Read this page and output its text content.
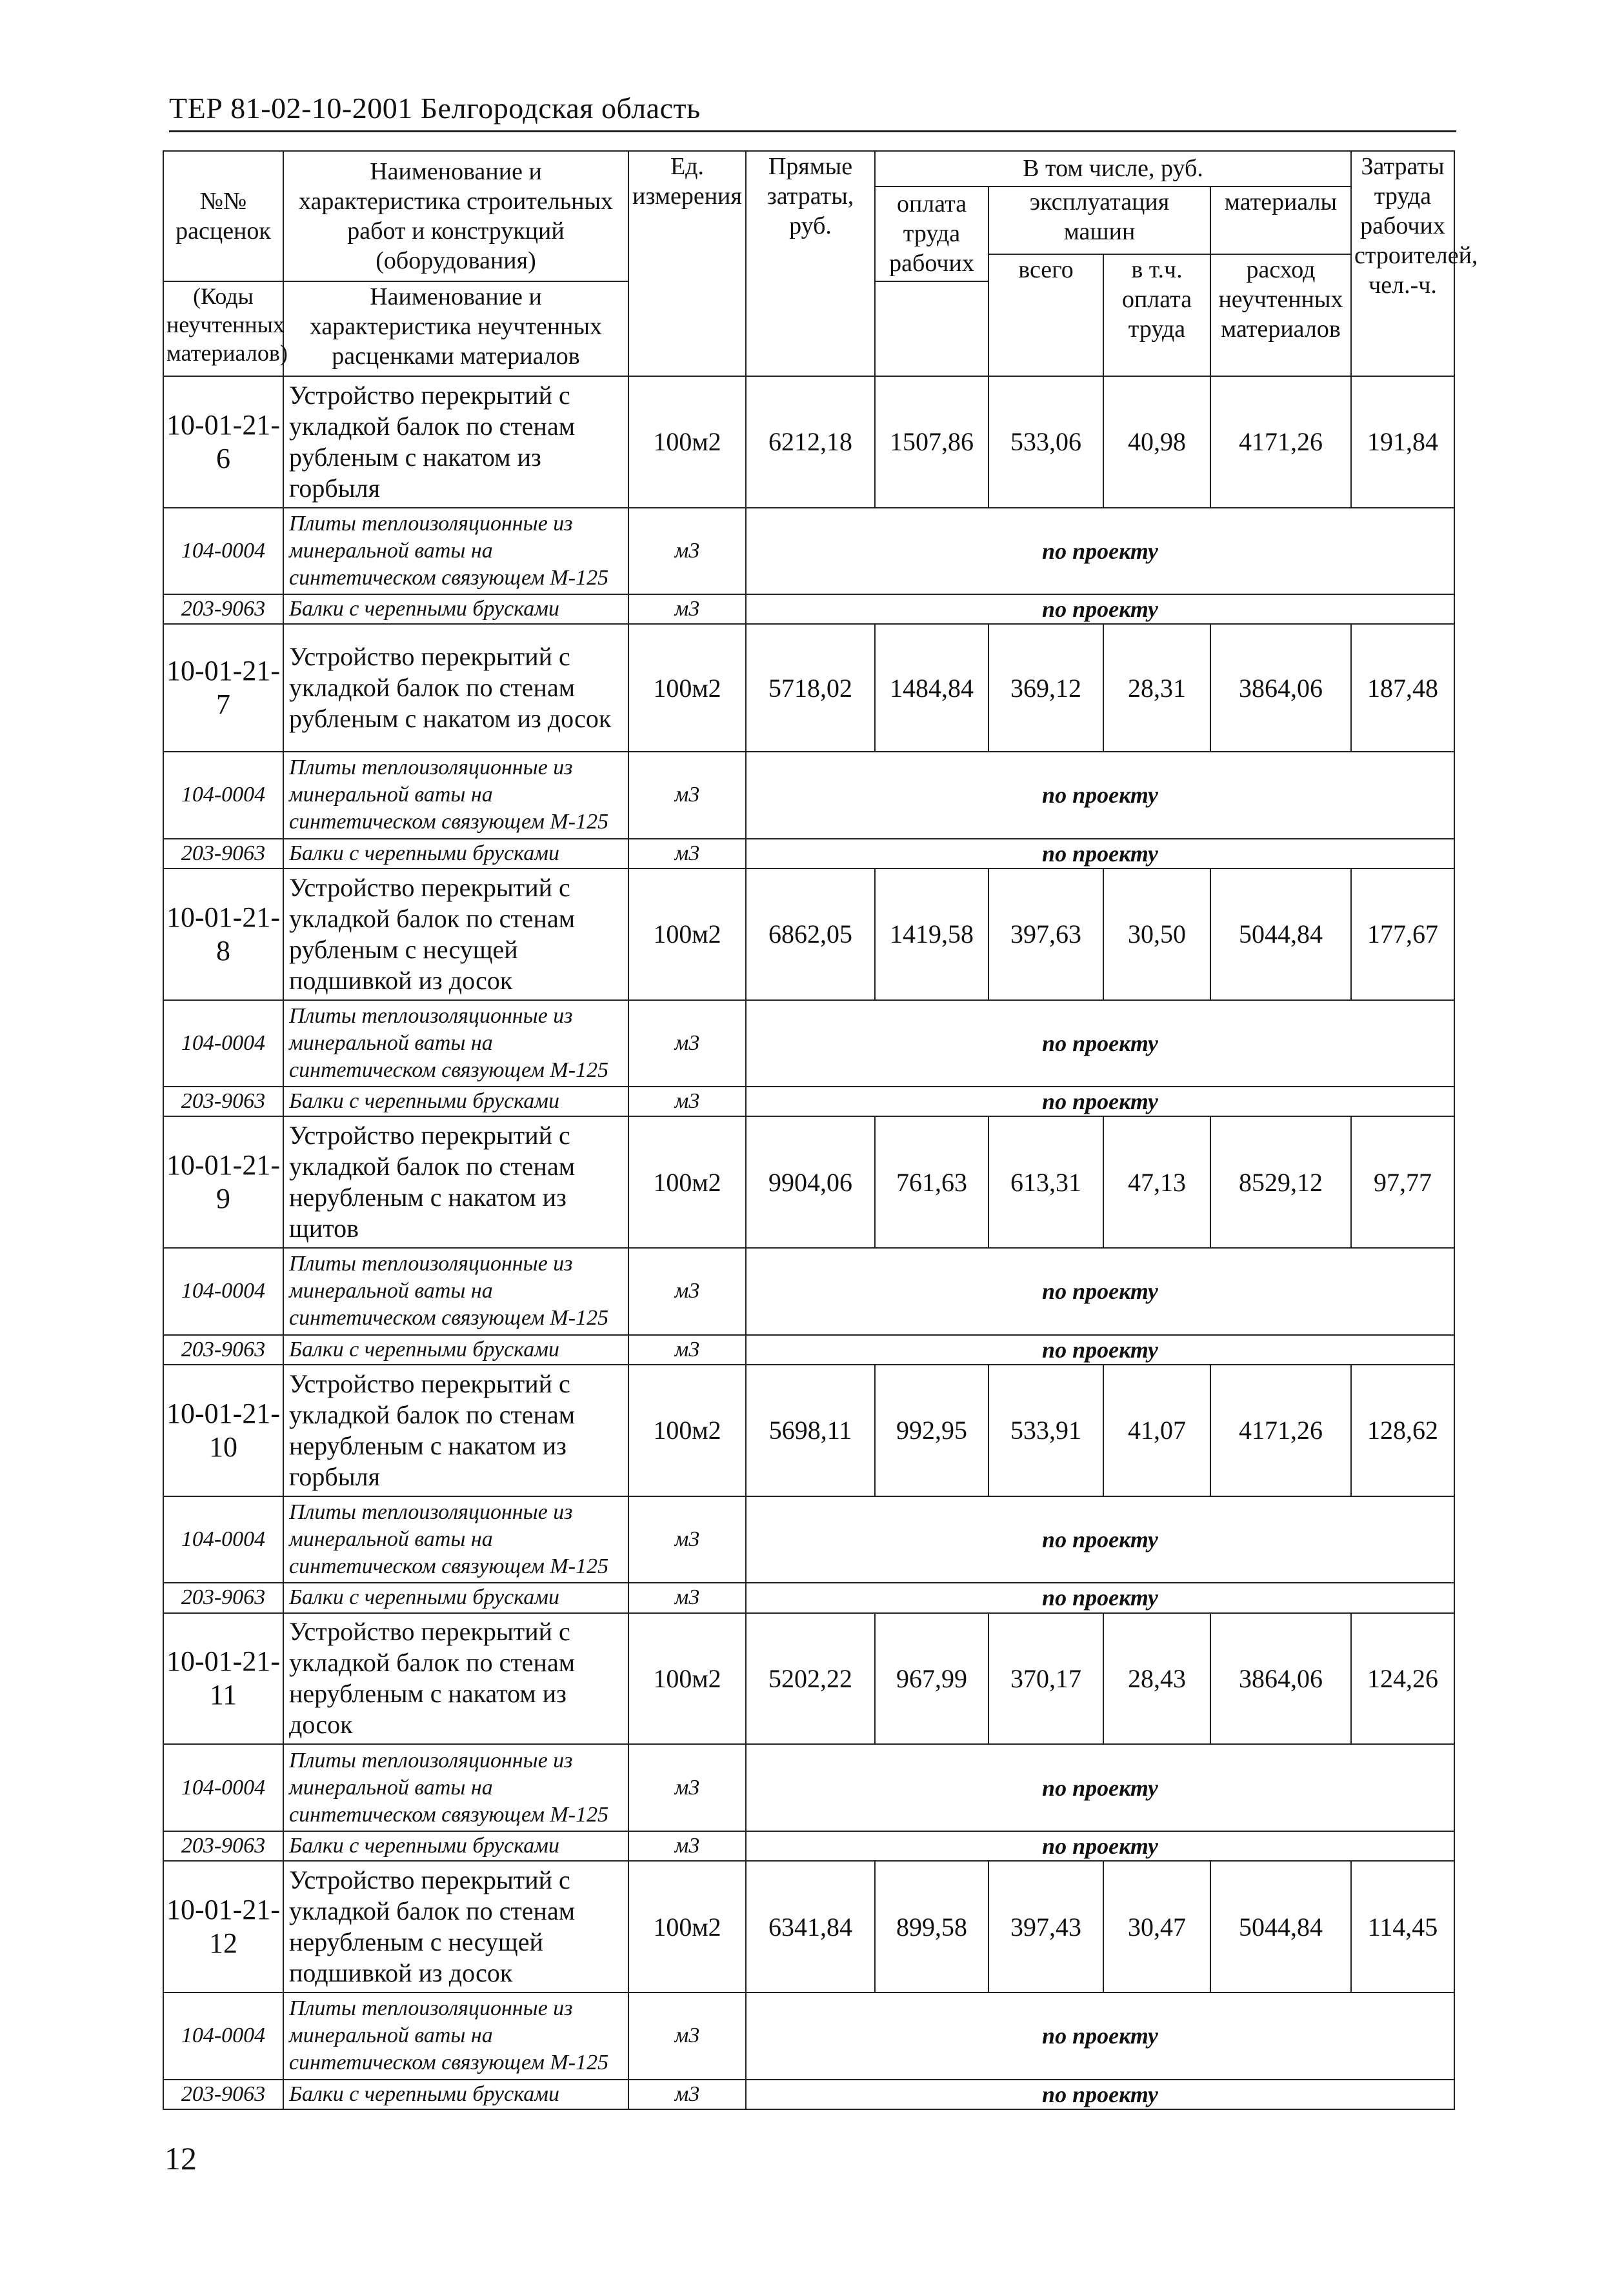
ТЕР 81-02-10-2001 Белгородская область
№№ расценок	Наименование и характеристика строительных работ и конструкций (оборудования)	Ед. измерения	Прямые затраты, руб.	В том числе, руб.				Затраты труда рабочих строителей, чел.-ч.
				оплата труда рабочих	эксплуатация машин		материалы	
					всего	в т.ч. оплата труда	расход неучтенных материалов	
(Коды неучтенных материалов)	Наименование и характеристика неучтенных расценками материалов							
10-01-21-6	Устройство перекрытий с укладкой балок по стенам рубленым с накатом из горбыля	100м2	6212,18	1507,86	533,06	40,98	4171,26	191,84
104-0004	Плиты теплоизоляционные из минеральной ваты на синтетическом связующем М-125	м3	по проекту					
203-9063	Балки с черепными брусками	м3	по проекту					
10-01-21-7	Устройство перекрытий с укладкой балок по стенам рубленым с накатом из досок	100м2	5718,02	1484,84	369,12	28,31	3864,06	187,48
104-0004	Плиты теплоизоляционные из минеральной ваты на синтетическом связующем М-125	м3	по проекту					
203-9063	Балки с черепными брусками	м3	по проекту					
10-01-21-8	Устройство перекрытий с укладкой балок по стенам рубленым с несущей подшивкой из досок	100м2	6862,05	1419,58	397,63	30,50	5044,84	177,67
104-0004	Плиты теплоизоляционные из минеральной ваты на синтетическом связующем М-125	м3	по проекту					
203-9063	Балки с черепными брусками	м3	по проекту					
10-01-21-9	Устройство перекрытий с укладкой балок по стенам нерубленым с накатом из щитов	100м2	9904,06	761,63	613,31	47,13	8529,12	97,77
104-0004	Плиты теплоизоляционные из минеральной ваты на синтетическом связующем М-125	м3	по проекту					
203-9063	Балки с черепными брусками	м3	по проекту					
10-01-21-10	Устройство перекрытий с укладкой балок по стенам нерубленым с накатом из горбыля	100м2	5698,11	992,95	533,91	41,07	4171,26	128,62
104-0004	Плиты теплоизоляционные из минеральной ваты на синтетическом связующем М-125	м3	по проекту					
203-9063	Балки с черепными брусками	м3	по проекту					
10-01-21-11	Устройство перекрытий с укладкой балок по стенам нерубленым с накатом из досок	100м2	5202,22	967,99	370,17	28,43	3864,06	124,26
104-0004	Плиты теплоизоляционные из минеральной ваты на синтетическом связующем М-125	м3	по проекту					
203-9063	Балки с черепными брусками	м3	по проекту					
10-01-21-12	Устройство перекрытий с укладкой балок по стенам нерубленым с несущей подшивкой из досок	100м2	6341,84	899,58	397,43	30,47	5044,84	114,45
104-0004	Плиты теплоизоляционные из минеральной ваты на синтетическом связующем М-125	м3	по проекту					
203-9063	Балки с черепными брусками	м3	по проекту					
12
